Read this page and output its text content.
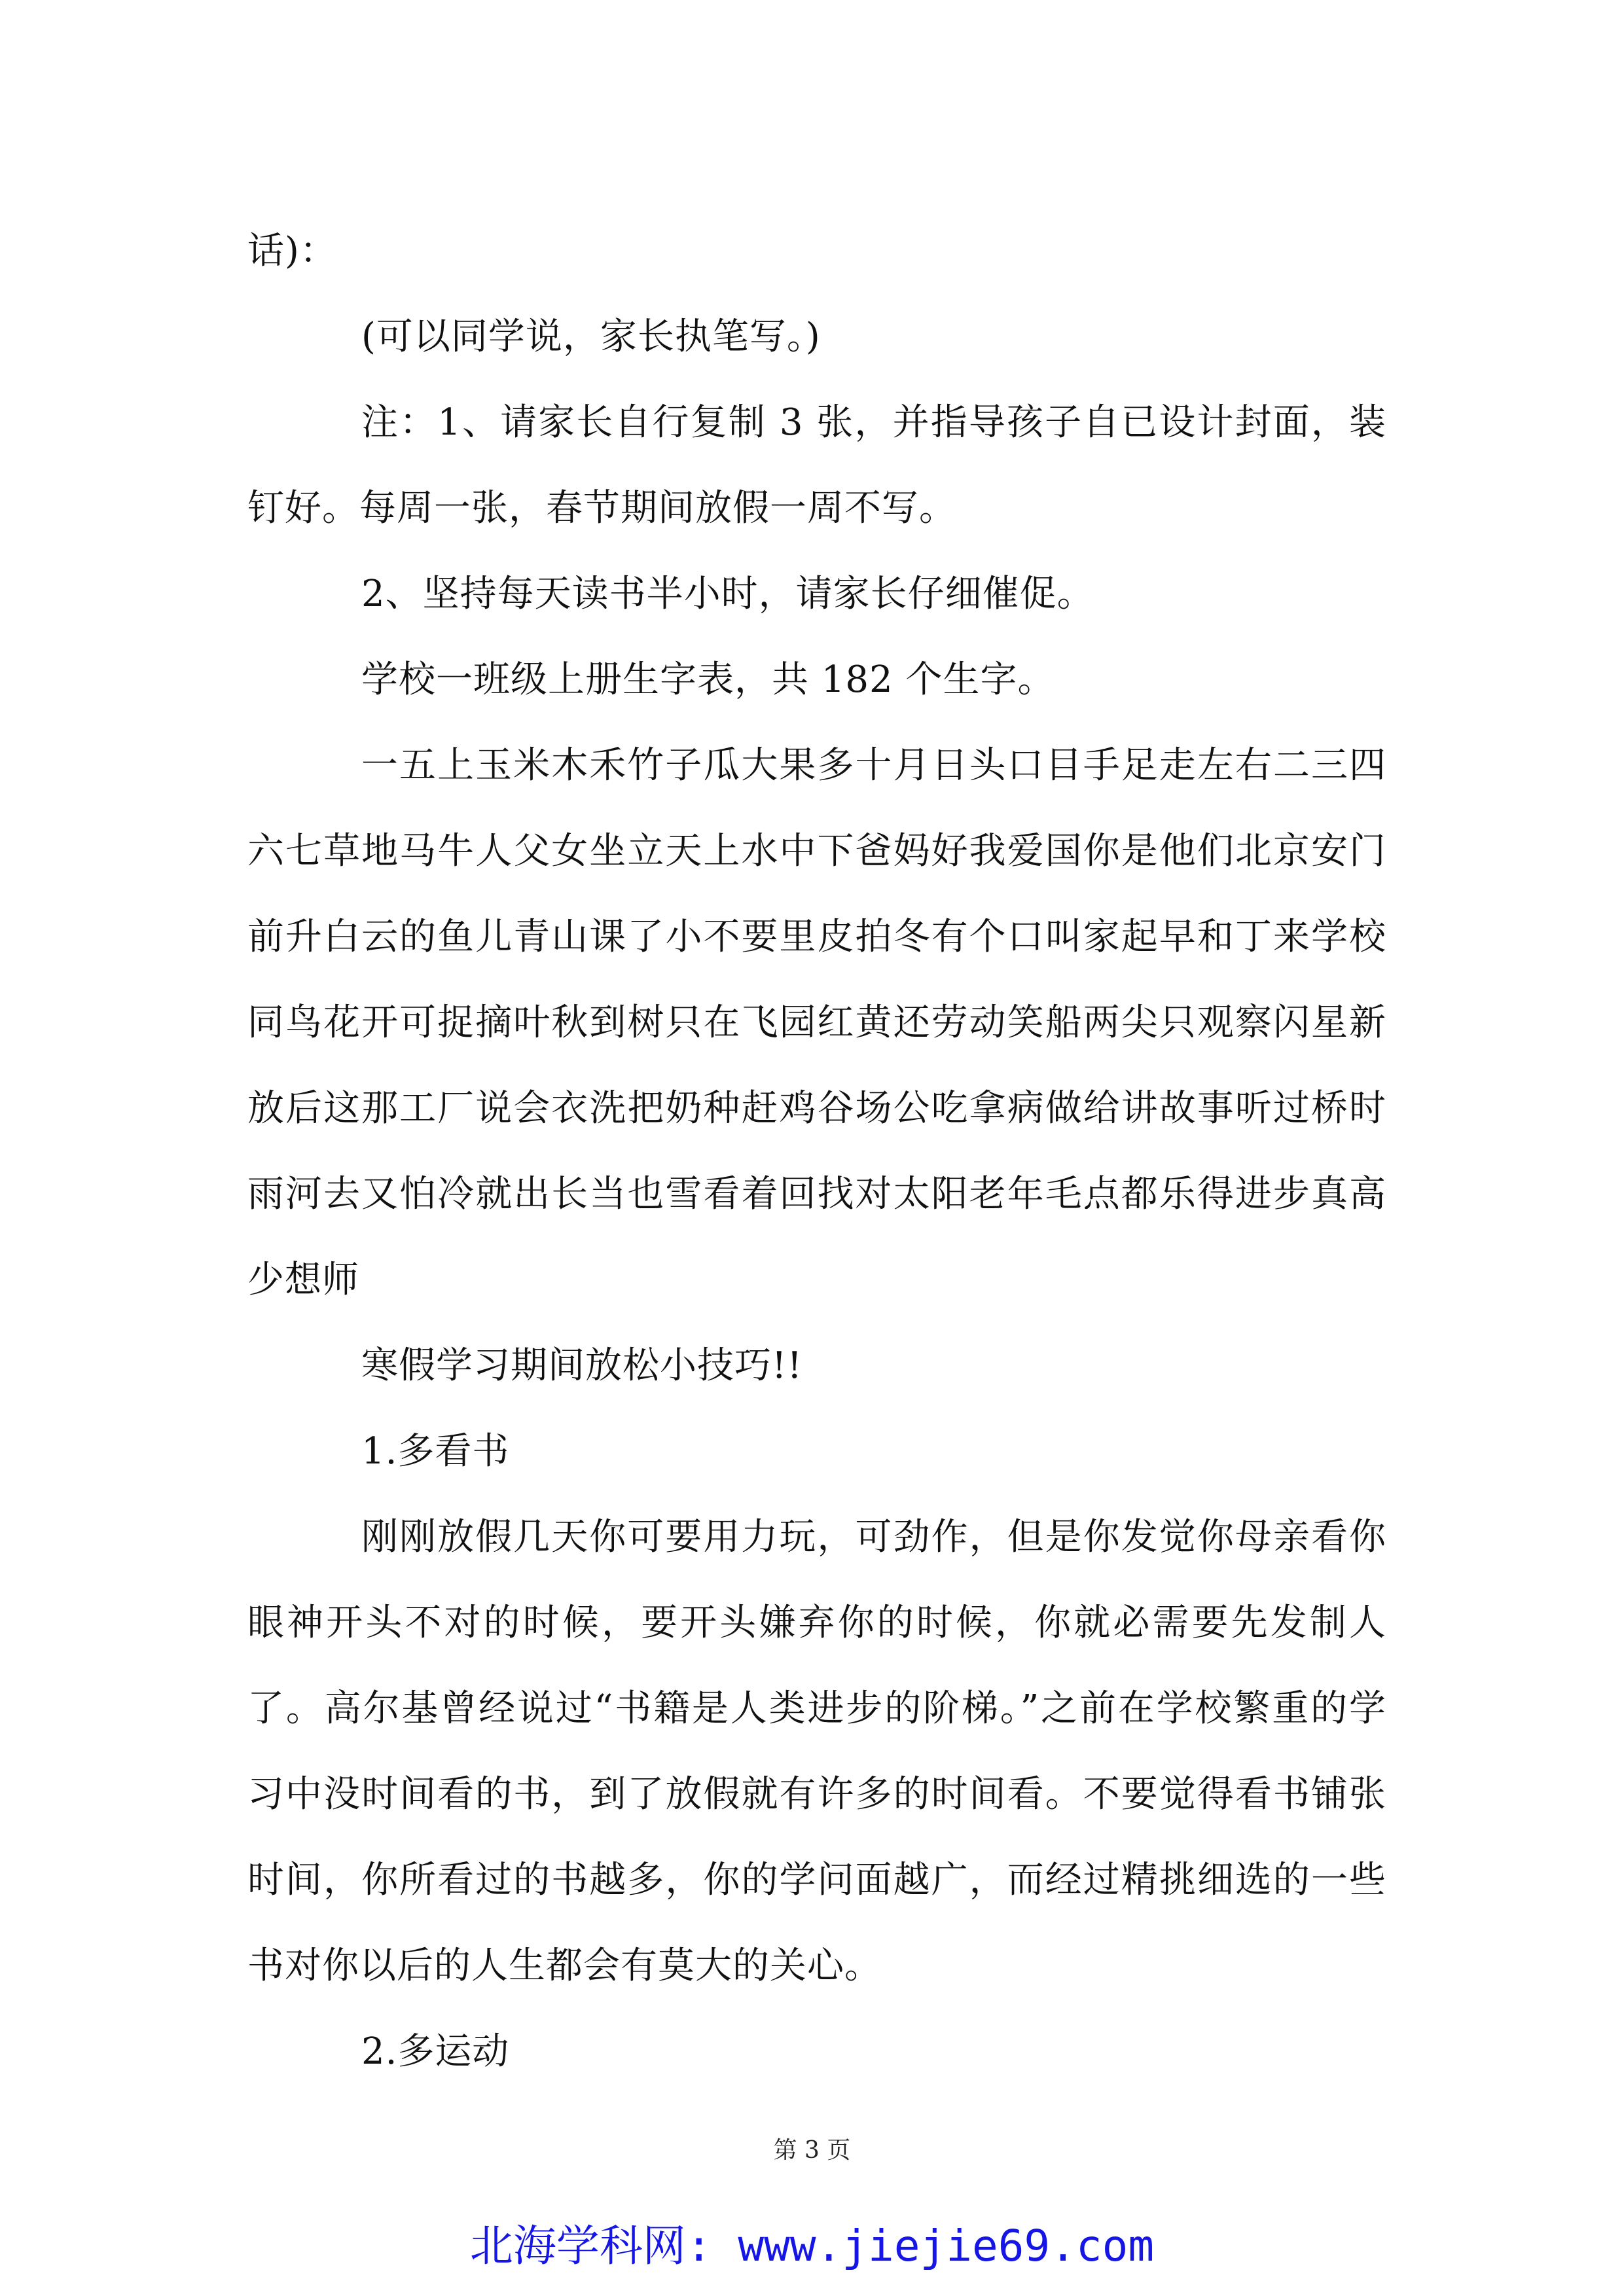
话)：

(可以同学说，家长执笔写。)

注：1、请家长自行复制 3 张，并指导孩子自已设计封面，装钉好。每周一张，春节期间放假一周不写。

2、坚持每天读书半小时，请家长仔细催促。

学校一班级上册生字表，共 182 个生字。

一五上玉米木禾竹子瓜大果多十月日头口目手足走左右二三四六七草地马牛人父女坐立天上水中下爸妈好我爱国你是他们北京安门前升白云的鱼儿青山课了小不要里皮拍冬有个口叫家起早和丁来学校同鸟花开可捉摘叶秋到树只在飞园红黄还劳动笑船两尖只观察闪星新放后这那工厂说会衣洗把奶种赶鸡谷场公吃拿病做给讲故事听过桥时雨河去又怕冷就出长当也雪看着回找对太阳老年毛点都乐得进步真高少想师

寒假学习期间放松小技巧!!

1.多看书

刚刚放假几天你可要用力玩，可劲作，但是你发觉你母亲看你眼神开头不对的时候，要开头嫌弃你的时候，你就必需要先发制人了。高尔基曾经说过“书籍是人类进步的阶梯。”之前在学校繁重的学习中没时间看的书，到了放假就有许多的时间看。不要觉得看书铺张时间，你所看过的书越多，你的学问面越广，而经过精挑细选的一些书对你以后的人生都会有莫大的关心。

2.多运动

第 3 页
北海学科网: www.jiejie69.com
